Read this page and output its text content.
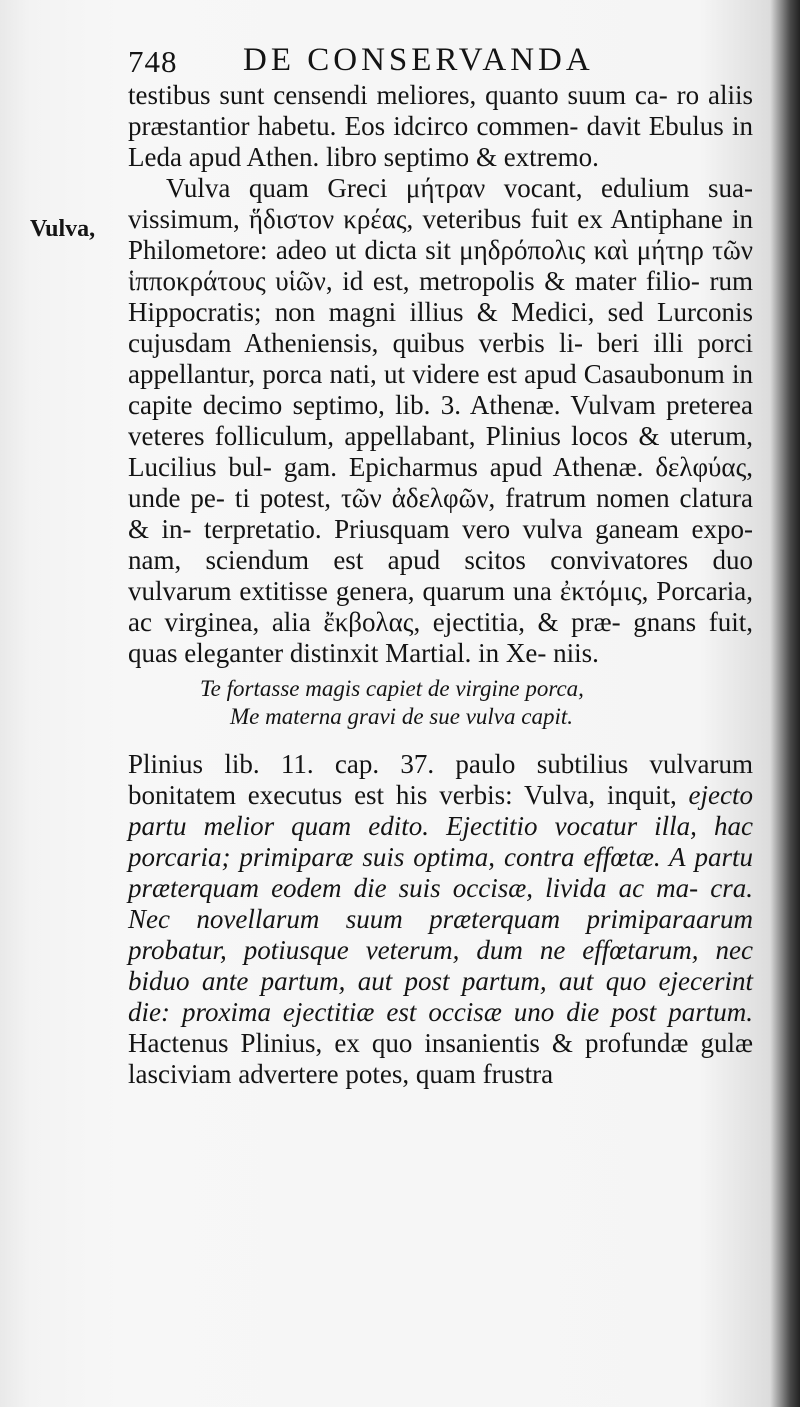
748 DE CONSERVANDA
Vulva,

testibus sunt censendi meliores, quanto suum ca- ro aliis præstantior habetu. Eos idcirco commen- davit Ebulus in Leda apud Athen. libro septimo & extremo.

Vulva quam Greci μήτραν vocant, edulium sua- vissimum, ἥδιστον κρέας, veteribus fuit ex Antiphane in Philometore: adeo ut dicta sit μηδρόπολις καὶ μήτηρ τῶν ἱπποκράτους υἱῶν, id est, metropolis & mater filio- rum Hippocratis; non magni illius & Medici, sed Lurconis cujusdam Atheniensis, quibus verbis li- beri illi porci appellantur, porca nati, ut videre est apud Casaubonum in capite decimo septimo, lib. 3. Athenæ. Vulvam preterea veteres folliculum, appellabant, Plinius locos & uterum, Lucilius bul- gam. Epicharmus apud Athenæ. δελφύας, unde pe- ti potest, τῶν ἀδελφῶν, fratrum nomen clatura & in- terpretatio. Priusquam vero vulva ganeam expo- nam, sciendum est apud scitos convivatores duo vulvarum extitisse genera, quarum una ἐκτόμις, Porcaria, ac virginea, alia ἔκβολας, ejectitia, & præ- gnans fuit, quas eleganter distinxit Martial. in Xe- niis.

Te fortasse magis capiet de virgine porca,
Me materna gravi de sue vulva capit.

Plinius lib. 11. cap. 37. paulo subtilius vulvarum bonitatem executus est his verbis: Vulva, inquit, ejecto partu melior quam edito. Ejectitio vocatur illa, hac porcaria; primiparæ suis optima, contra effœtæ. A partu præterquam eodem die suis occisæ, livida ac ma- cra. Nec novellarum suum præterquam primiparaarum probatur, potiusque veterum, dum ne effœtarum, nec biduo ante partum, aut post partum, aut quo ejecerint die: proxima ejectitiæ est occisæ uno die post partum. Hactenus Plinius, ex quo insanientis & profundæ gulæ lasciviam advertere potes, quam frustra
